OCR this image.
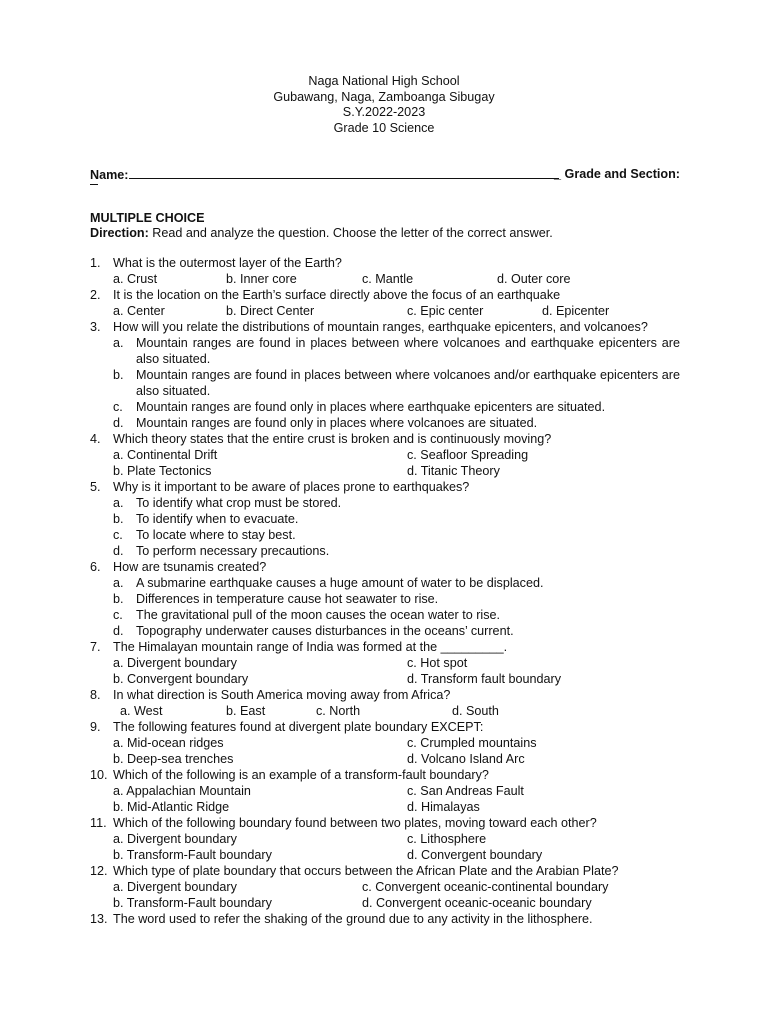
Naga National High School
Gubawang, Naga, Zamboanga Sibugay
S.Y.2022-2023
Grade 10 Science
Name:	_ Grade and Section:
MULTIPLE CHOICE
Direction: Read and analyze the question. Choose the letter of the correct answer.
1. What is the outermost layer of the Earth?
a. Crust	b. Inner core	c. Mantle	d. Outer core
2. It is the location on the Earth’s surface directly above the focus of an earthquake
a. Center	b. Direct Center	c. Epic center	d. Epicenter
3. How will you relate the distributions of mountain ranges, earthquake epicenters, and volcanoes?
a. Mountain ranges are found in places between where volcanoes and earthquake epicenters are also situated.
b. Mountain ranges are found in places between where volcanoes and/or earthquake epicenters are also situated.
c. Mountain ranges are found only in places where earthquake epicenters are situated.
d. Mountain ranges are found only in places where volcanoes are situated.
4. Which theory states that the entire crust is broken and is continuously moving?
a. Continental Drift	c. Seafloor Spreading
b. Plate Tectonics	d. Titanic Theory
5. Why is it important to be aware of places prone to earthquakes?
a. To identify what crop must be stored.
b. To identify when to evacuate.
c. To locate where to stay best.
d. To perform necessary precautions.
6. How are tsunamis created?
a. A submarine earthquake causes a huge amount of water to be displaced.
b. Differences in temperature cause hot seawater to rise.
c. The gravitational pull of the moon causes the ocean water to rise.
d. Topography underwater causes disturbances in the oceans’ current.
7. The Himalayan mountain range of India was formed at the _________.
a. Divergent boundary	c. Hot spot
b. Convergent boundary	d. Transform fault boundary
8. In what direction is South America moving away from Africa?
a. West	b. East	c. North	d. South
9. The following features found at divergent plate boundary EXCEPT:
a. Mid-ocean ridges	c. Crumpled mountains
b. Deep-sea trenches	d. Volcano Island Arc
10. Which of the following is an example of a transform-fault boundary?
a. Appalachian Mountain	c. San Andreas Fault
b. Mid-Atlantic Ridge	d. Himalayas
11. Which of the following boundary found between two plates, moving toward each other?
a. Divergent boundary	c. Lithosphere
b. Transform-Fault boundary	d. Convergent boundary
12. Which type of plate boundary that occurs between the African Plate and the Arabian Plate?
a. Divergent boundary	c. Convergent oceanic-continental boundary
b. Transform-Fault boundary	d. Convergent oceanic-oceanic boundary
13. The word used to refer the shaking of the ground due to any activity in the lithosphere.
